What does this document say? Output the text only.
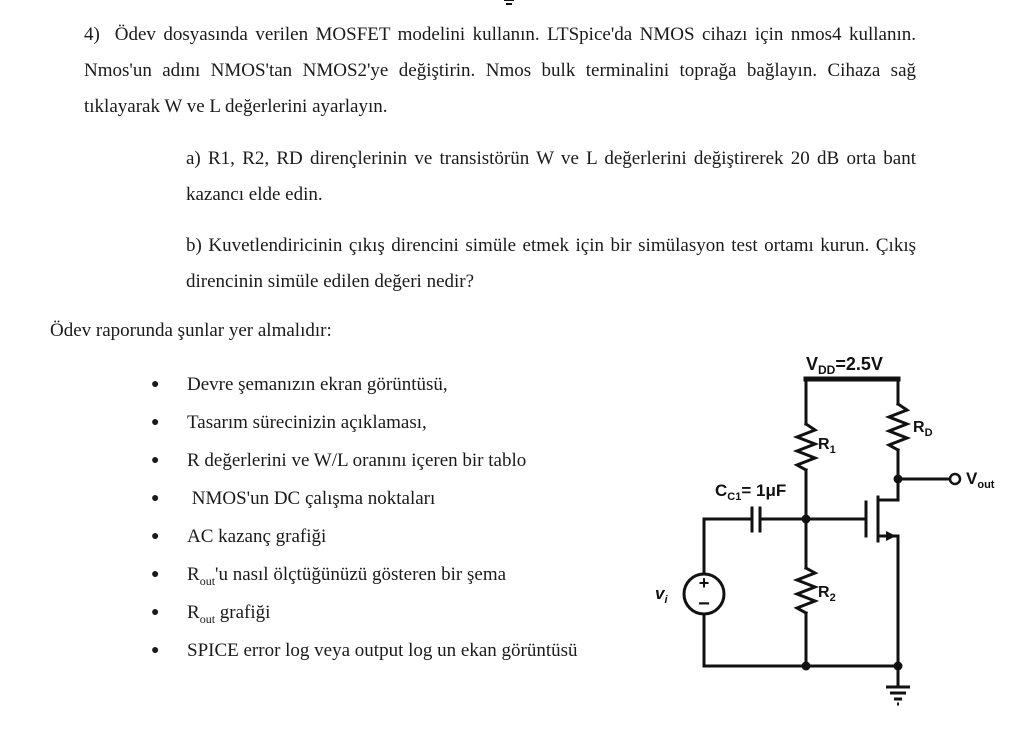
4) Ödev dosyasında verilen MOSFET modelini kullanın. LTSpice'da NMOS cihazı için nmos4 kullanın. Nmos'un adını NMOS'tan NMOS2'ye değiştirin. Nmos bulk terminalini toprağa bağlayın. Cihaza sağ tıklayarak W ve L değerlerini ayarlayın.

a) R1, R2, RD dirençlerinin ve transistörün W ve L değerlerini değiştirerek 20 dB orta bant kazancı elde edin.

b) Kuvetlendiricinin çıkış direncini simüle etmek için bir simülasyon test ortamı kurun. Çıkış direncinin simüle edilen değeri nedir?

Ödev raporunda şunlar yer almalıdır:

● Devre şemanızın ekran görüntüsü,
● Tasarım sürecinizin açıklaması,
● R değerlerini ve W/L oranını içeren bir tablo
● NMOS'un DC çalışma noktaları
● AC kazanç grafiği
● $R_{out}'u$ nasıl ölçtüğünüzü gösteren bir şema
● $R_{out}$ grafiği
● SPICE error log veya output log un ekan görüntüsü
+
−
$V_{DD}=2.5V$
$R_1$
$R_D$
$R_2$
$C_{C1}= 1\mu F$
$V_{out}$
$v_i$
